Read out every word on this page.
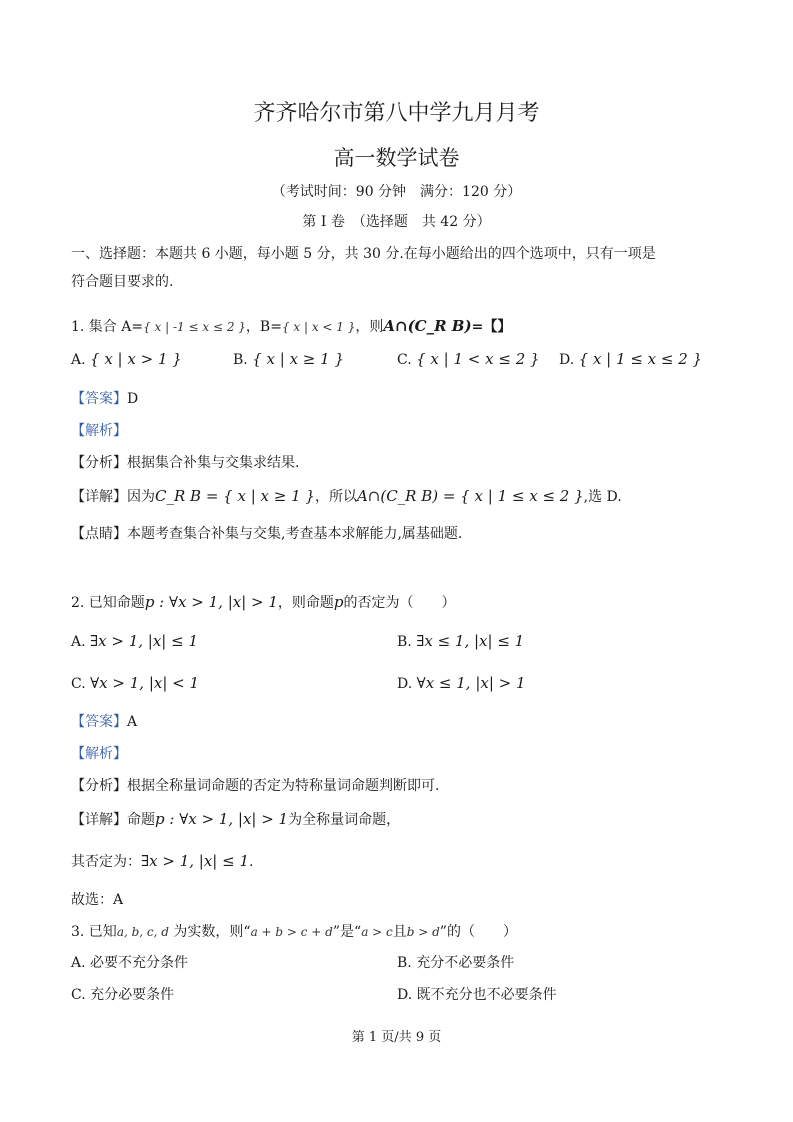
齐齐哈尔市第八中学九月月考
高一数学试卷
（考试时间：90 分钟　满分：120 分）
第 I 卷　（选择题　共 42 分）
一、选择题：本题共 6 小题，每小题 5 分，共 30 分.在每小题给出的四个选项中，只有一项是
符合题目要求的.
1. 集合 A={ x | -1 ≤ x ≤ 2 }，B={ x | x < 1 }，则A∩(C_R B)=【】
A. { x | x > 1 }	B. { x | x ≥ 1 }	C. { x | 1 < x ≤ 2 } D. { x | 1 ≤ x ≤ 2 }
【答案】D
【解析】
【分析】根据集合补集与交集求结果.
【详解】因为C_R B = { x | x ≥ 1 }，所以A∩(C_R B) = { x | 1 ≤ x ≤ 2 },选 D.
【点睛】本题考查集合补集与交集,考查基本求解能力,属基础题.
2. 已知命题p : ∀x > 1, |x| > 1，则命题p的否定为（　　）
A. ∃x > 1, |x| ≤ 1	B. ∃x ≤ 1, |x| ≤ 1
C. ∀x > 1, |x| < 1	D. ∀x ≤ 1, |x| > 1
【答案】A
【解析】
【分析】根据全称量词命题的否定为特称量词命题判断即可.
【详解】命题p : ∀x > 1, |x| > 1为全称量词命题，
其否定为：∃x > 1, |x| ≤ 1.
故选：A
3. 已知a, b, c, d 为实数，则“a + b > c + d”是“a > c且b > d”的（　　）
A. 必要不充分条件	B. 充分不必要条件
C. 充分必要条件	D. 既不充分也不必要条件
第 1 页/共 9 页
